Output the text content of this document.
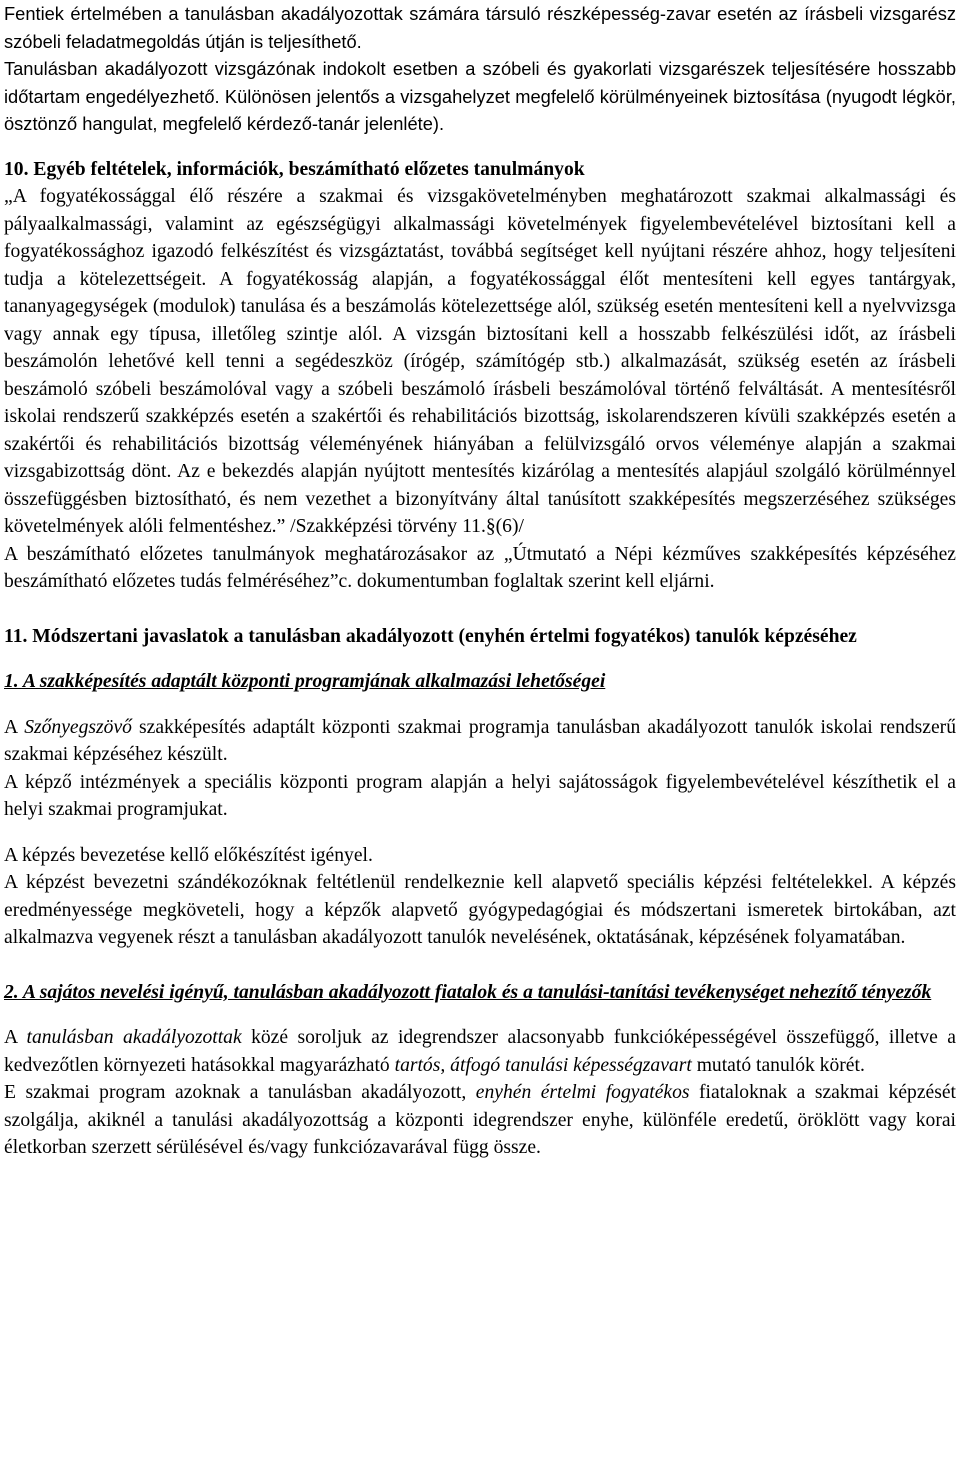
Fentiek értelmében a tanulásban akadályozottak számára társuló részképesség-zavar esetén az írásbeli vizsgarész szóbeli feladatmegoldás útján is teljesíthető.

Tanulásban akadályozott vizsgázónak indokolt esetben a szóbeli és gyakorlati vizsgarészek teljesítésére hosszabb időtartam engedélyezhető. Különösen jelentős a vizsgahelyzet megfelelő körülményeinek biztosítása (nyugodt légkör, ösztönző hangulat, megfelelő kérdező-tanár jelenléte).

10. Egyéb feltételek, információk, beszámítható előzetes tanulmányok

„A fogyatékossággal élő részére a szakmai és vizsgakövetelményben meghatározott szakmai alkalmassági és pályaalkalmassági, valamint az egészségügyi alkalmassági követelmények figyelembevételével biztosítani kell a fogyatékossághoz igazodó felkészítést és vizsgáztatást, továbbá segítséget kell nyújtani részére ahhoz, hogy teljesíteni tudja a kötelezettségeit. A fogyatékosság alapján, a fogyatékossággal élőt mentesíteni kell egyes tantárgyak, tananyagegységek (modulok) tanulása és a beszámolás kötelezettsége alól, szükség esetén mentesíteni kell a nyelvvizsga vagy annak egy típusa, illetőleg szintje alól. A vizsgán biztosítani kell a hosszabb felkészülési időt, az írásbeli beszámolón lehetővé kell tenni a segédeszköz (írógép, számítógép stb.) alkalmazását, szükség esetén az írásbeli beszámoló szóbeli beszámolóval vagy a szóbeli beszámoló írásbeli beszámolóval történő felváltását. A mentesítésről iskolai rendszerű szakképzés esetén a szakértői és rehabilitációs bizottság, iskolarendszeren kívüli szakképzés esetén a szakértői és rehabilitációs bizottság véleményének hiányában a felülvizsgáló orvos véleménye alapján a szakmai vizsgabizottság dönt. Az e bekezdés alapján nyújtott mentesítés kizárólag a mentesítés alapjául szolgáló körülménnyel összefüggésben biztosítható, és nem vezethet a bizonyítvány által tanúsított szakképesítés megszerzéséhez szükséges követelmények alóli felmentéshez.” /Szakképzési törvény 11.§(6)/

A beszámítható előzetes tanulmányok meghatározásakor az „Útmutató a Népi kézműves szakképesítés képzéséhez beszámítható előzetes tudás felméréséhez”c. dokumentumban foglaltak szerint kell eljárni.

11. Módszertani javaslatok a tanulásban akadályozott (enyhén értelmi fogyatékos) tanulók képzéséhez

1. A szakképesítés adaptált központi programjának alkalmazási lehetőségei

A Szőnyegszövő szakképesítés adaptált központi szakmai programja tanulásban akadályozott tanulók iskolai rendszerű szakmai képzéséhez készült.

A képző intézmények a speciális központi program alapján a helyi sajátosságok figyelembevételével készíthetik el a helyi szakmai programjukat.

A képzés bevezetése kellő előkészítést igényel.

A képzést bevezetni szándékozóknak feltétlenül rendelkeznie kell alapvető speciális képzési feltételekkel. A képzés eredményessége megköveteli, hogy a képzők alapvető gyógypedagógiai és módszertani ismeretek birtokában, azt alkalmazva vegyenek részt a tanulásban akadályozott tanulók nevelésének, oktatásának, képzésének folyamatában.

2. A sajátos nevelési igényű, tanulásban akadályozott fiatalok és a tanulási-tanítási tevékenységet nehezítő tényezők

A tanulásban akadályozottak közé soroljuk az idegrendszer alacsonyabb funkcióképességével összefüggő, illetve a kedvezőtlen környezeti hatásokkal magyarázható tartós, átfogó tanulási képességzavart mutató tanulók körét.

E szakmai program azoknak a tanulásban akadályozott, enyhén értelmi fogyatékos fiataloknak a szakmai képzését szolgálja, akiknél a tanulási akadályozottság a központi idegrendszer enyhe, különféle eredetű, öröklött vagy korai életkorban szerzett sérülésével és/vagy funkciózavarával függ össze.
